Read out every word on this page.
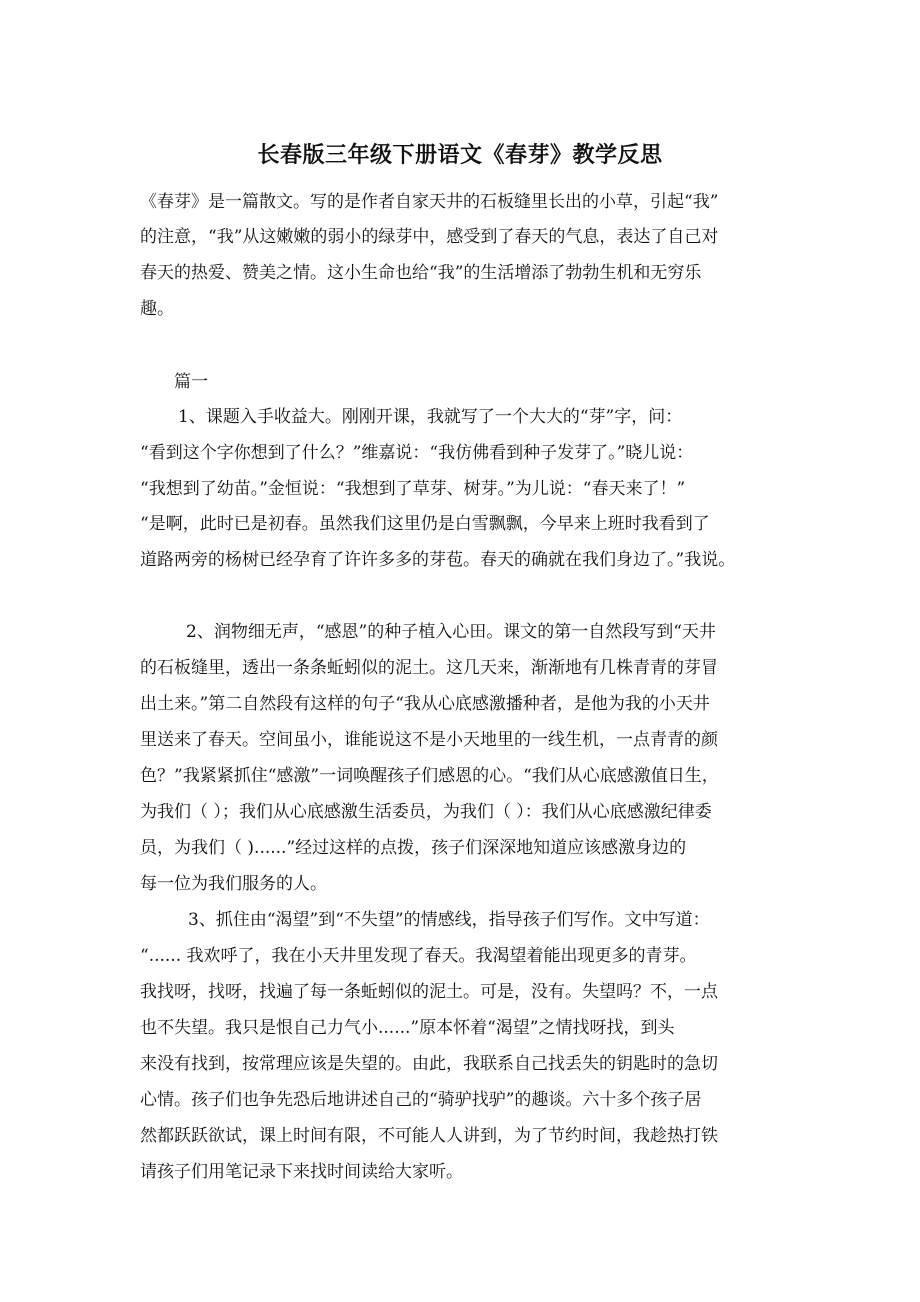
长春版三年级下册语文《春芽》教学反思
《春芽》是一篇散文。写的是作者自家天井的石板缝里长出的小草，引起“我”
的注意，“我”从这嫩嫩的弱小的绿芽中，感受到了春天的气息，表达了自己对
春天的热爱、赞美之情。这小生命也给“我”的生活增添了勃勃生机和无穷乐
趣。
篇一
1、课题入手收益大。刚刚开课，我就写了一个大大的“芽”字，问：
“看到这个字你想到了什么？”维嘉说：“我仿佛看到种子发芽了。”晓儿说：
“我想到了幼苗。”金恒说：“我想到了草芽、树芽。”为儿说：“春天来了！”
“是啊，此时已是初春。虽然我们这里仍是白雪飘飘，今早来上班时我看到了
道路两旁的杨树已经孕育了许许多多的芽苞。春天的确就在我们身边了。”我说。
2、润物细无声，“感恩”的种子植入心田。课文的第一自然段写到“天井
的石板缝里，透出一条条蚯蚓似的泥土。这几天来，渐渐地有几株青青的芽冒
出土来。”第二自然段有这样的句子“我从心底感激播种者，是他为我的小天井
里送来了春天。空间虽小，谁能说这不是小天地里的一线生机，一点青青的颜
色？”我紧紧抓住“感激”一词唤醒孩子们感恩的心。“我们从心底感激值日生，
为我们（ ）；我们从心底感激生活委员，为我们（ ）：我们从心底感激纪律委
员，为我们（ )......”经过这样的点拨，孩子们深深地知道应该感激身边的
每一位为我们服务的人。
3、抓住由“渴望”到“不失望”的情感线，指导孩子们写作。文中写道：
“...... 我欢呼了，我在小天井里发现了春天。我渴望着能出现更多的青芽。
我找呀，找呀，找遍了每一条蚯蚓似的泥土。可是，没有。失望吗？不，一点
也不失望。我只是恨自己力气小......”原本怀着“渴望”之情找呀找，到头
来没有找到，按常理应该是失望的。由此，我联系自己找丢失的钥匙时的急切
心情。孩子们也争先恐后地讲述自己的“骑驴找驴”的趣谈。六十多个孩子居
然都跃跃欲试，课上时间有限，不可能人人讲到，为了节约时间，我趁热打铁
请孩子们用笔记录下来找时间读给大家听。
